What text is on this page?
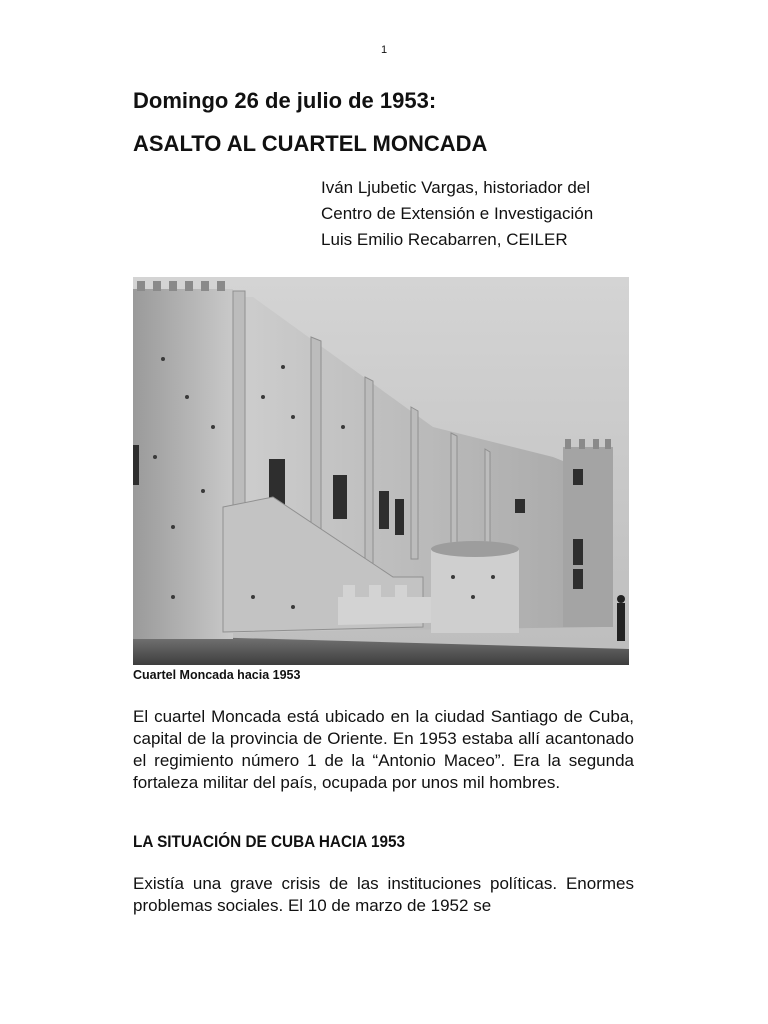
1
Domingo 26 de julio de 1953:
ASALTO AL CUARTEL MONCADA
Iván Ljubetic Vargas, historiador del
Centro de Extensión e Investigación
Luis Emilio Recabarren, CEILER
Cuartel Moncada hacia 1953
El cuartel Moncada está ubicado en la ciudad Santiago de Cuba, capital de la provincia de Oriente. En 1953 estaba allí acantonado el regimiento número 1 de la “Antonio Maceo”. Era la segunda fortaleza militar del país, ocupada por unos mil hombres.
LA SITUACIÓN DE CUBA HACIA 1953
Existía una grave crisis de las instituciones políticas. Enormes problemas sociales. El 10 de marzo de 1952 se
